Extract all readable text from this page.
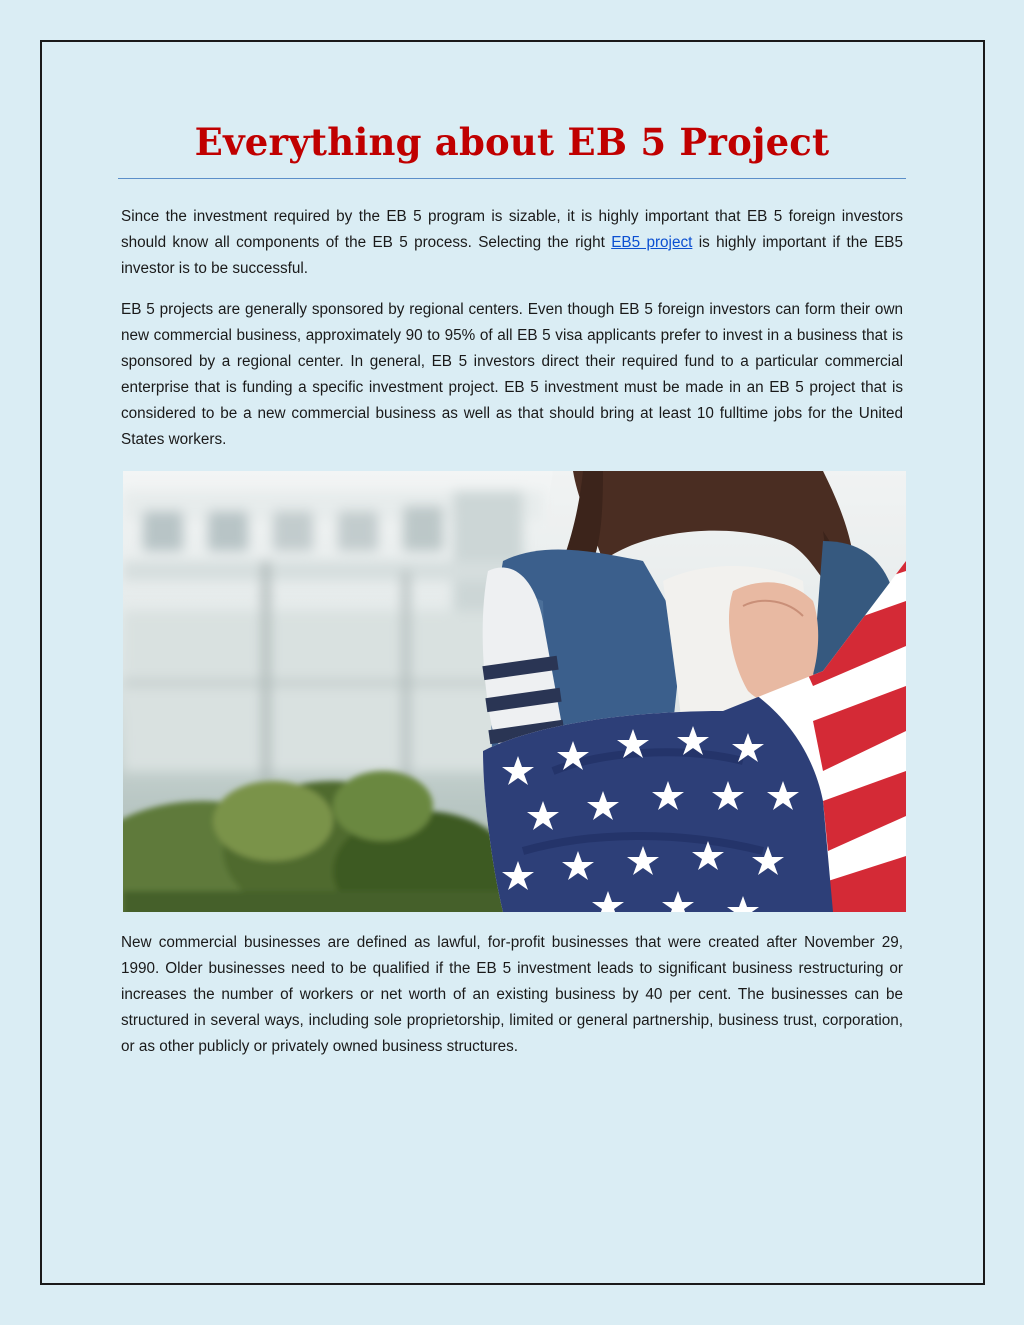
Everything about EB 5 Project

Since the investment required by the EB 5 program is sizable, it is highly important that EB 5 foreign investors should know all components of the EB 5 process. Selecting the right EB5 project is highly important if the EB5 investor is to be successful.

EB 5 projects are generally sponsored by regional centers. Even though EB 5 foreign investors can form their own new commercial business, approximately 90 to 95% of all EB 5 visa applicants prefer to invest in a business that is sponsored by a regional center. In general, EB 5 investors direct their required fund to a particular commercial enterprise that is funding a specific investment project. EB 5 investment must be made in an EB 5 project that is considered to be a new commercial business as well as that should bring at least 10 fulltime jobs for the United States workers.

New commercial businesses are defined as lawful, for-profit businesses that were created after November 29, 1990. Older businesses need to be qualified if the EB 5 investment leads to significant business restructuring or increases the number of workers or net worth of an existing business by 40 per cent. The businesses can be structured in several ways, including sole proprietorship, limited or general partnership, business trust, corporation, or as other publicly or privately owned business structures.
